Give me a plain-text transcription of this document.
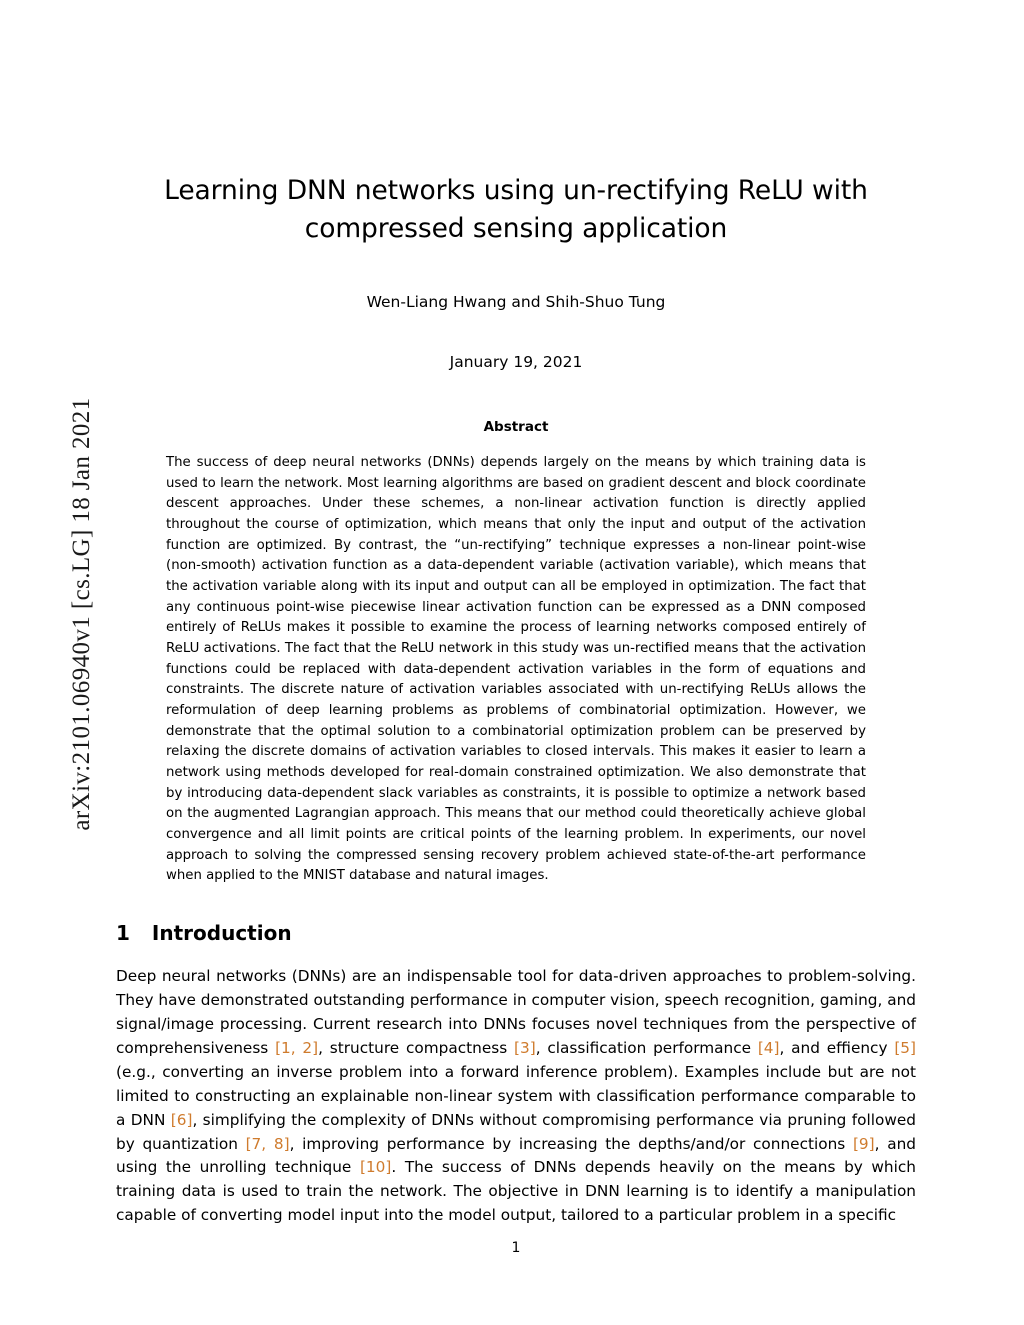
arXiv:2101.06940v1 [cs.LG] 18 Jan 2021
Learning DNN networks using un-rectifying ReLU with compressed sensing application

Wen-Liang Hwang and Shih-Shuo Tung

January 19, 2021

Abstract

The success of deep neural networks (DNNs) depends largely on the means by which training data is used to learn the network. Most learning algorithms are based on gradient descent and block coordinate descent approaches. Under these schemes, a non-linear activation function is directly applied throughout the course of optimization, which means that only the input and output of the activation function are optimized. By contrast, the “un-rectifying” technique expresses a non-linear point-wise (non-smooth) activation function as a data-dependent variable (activation variable), which means that the activation variable along with its input and output can all be employed in optimization. The fact that any continuous point-wise piecewise linear activation function can be expressed as a DNN composed entirely of ReLUs makes it possible to examine the process of learning networks composed entirely of ReLU activations. The fact that the ReLU network in this study was un-rectified means that the activation functions could be replaced with data-dependent activation variables in the form of equations and constraints. The discrete nature of activation variables associated with un-rectifying ReLUs allows the reformulation of deep learning problems as problems of combinatorial optimization. However, we demonstrate that the optimal solution to a combinatorial optimization problem can be preserved by relaxing the discrete domains of activation variables to closed intervals. This makes it easier to learn a network using methods developed for real-domain constrained optimization. We also demonstrate that by introducing data-dependent slack variables as constraints, it is possible to optimize a network based on the augmented Lagrangian approach. This means that our method could theoretically achieve global convergence and all limit points are critical points of the learning problem. In experiments, our novel approach to solving the compressed sensing recovery problem achieved state-of-the-art performance when applied to the MNIST database and natural images.

1 Introduction

Deep neural networks (DNNs) are an indispensable tool for data-driven approaches to problem-solving. They have demonstrated outstanding performance in computer vision, speech recognition, gaming, and signal/image processing. Current research into DNNs focuses novel techniques from the perspective of comprehensiveness [1, 2], structure compactness [3], classification performance [4], and effiency [5] (e.g., converting an inverse problem into a forward inference problem). Examples include but are not limited to constructing an explainable non-linear system with classification performance comparable to a DNN [6], simplifying the complexity of DNNs without compromising performance via pruning followed by quantization [7, 8], improving performance by increasing the depths/and/or connections [9], and using the unrolling technique [10]. The success of DNNs depends heavily on the means by which training data is used to train the network. The objective in DNN learning is to identify a manipulation capable of converting model input into the model output, tailored to a particular problem in a specific

1
